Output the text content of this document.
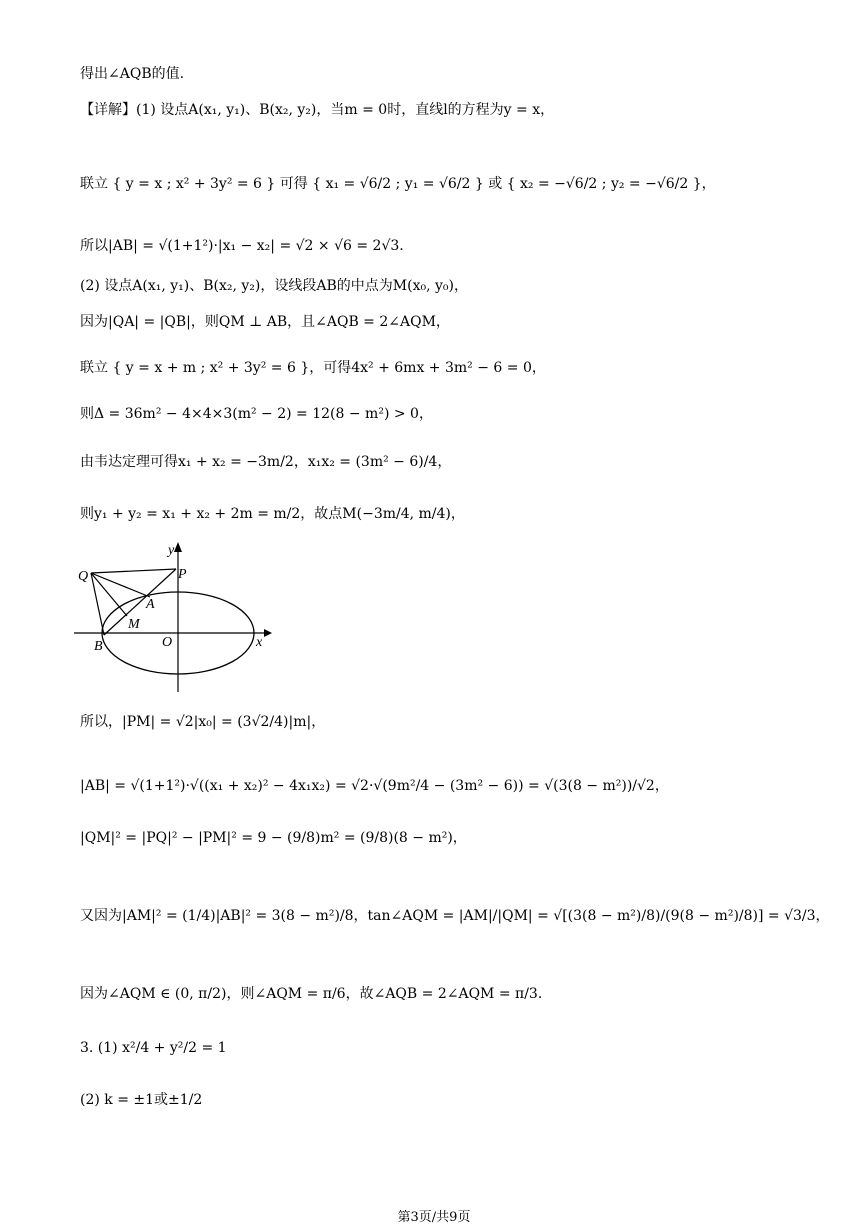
得出∠AQB的值.
【详解】(1) 设点A(x₁, y₁)、B(x₂, y₂)，当m = 0时，直线l的方程为y = x，
联立 { y = x ; x² + 3y² = 6 } 可得 { x₁ = √6/2 ; y₁ = √6/2 } 或 { x₂ = −√6/2 ; y₂ = −√6/2 }，
所以|AB| = √(1+1²)·|x₁ − x₂| = √2 × √6 = 2√3.
(2) 设点A(x₁, y₁)、B(x₂, y₂)，设线段AB的中点为M(x₀, y₀)，
因为|QA| = |QB|，则QM ⊥ AB，且∠AQB = 2∠AQM，
联立 { y = x + m ; x² + 3y² = 6 }，可得4x² + 6mx + 3m² − 6 = 0，
则Δ = 36m² − 4×4×3(m² − 2) = 12(8 − m²) > 0，
由韦达定理可得x₁ + x₂ = −3m/2，x₁x₂ = (3m² − 6)/4，
则y₁ + y₂ = x₁ + x₂ + 2m = m/2，故点M(−3m/4, m/4)，
y
x
P
Q
A
M
B	O
所以，|PM| = √2|x₀| = (3√2/4)|m|，
|AB| = √(1+1²)·√((x₁ + x₂)² − 4x₁x₂) = √2·√(9m²/4 − (3m² − 6)) = √(3(8 − m²))/√2，
|QM|² = |PQ|² − |PM|² = 9 − (9/8)m² = (9/8)(8 − m²)，
又因为|AM|² = (1/4)|AB|² = 3(8 − m²)/8，tan∠AQM = |AM|/|QM| = √[(3(8 − m²)/8)/(9(8 − m²)/8)] = √3/3，
因为∠AQM ∈ (0, π/2)，则∠AQM = π/6，故∠AQB = 2∠AQM = π/3.
3. (1) x²/4 + y²/2 = 1
(2) k = ±1或±1/2
第3页/共9页
